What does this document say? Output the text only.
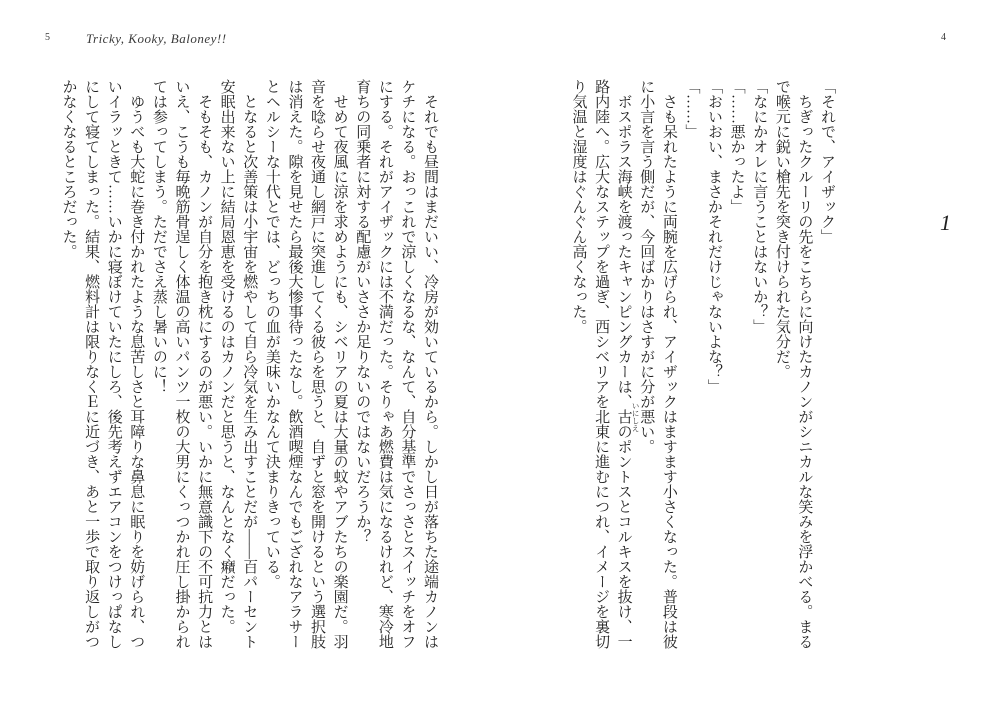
5	Tricky, Kooky, Baloney!!
　それでも昼間はまだいい、冷房が効いているから。しかし日が落ちた途端カノンは
ケチになる。おっこれで涼しくなるな、なんて、自分基準でさっさとスイッチをオフ
にする。それがアイザックには不満だった。そりゃあ燃費は気になるけれど、寒冷地
育ちの同乗者に対する配慮がいささか足りないのではないだろうか？
　せめて夜風に涼を求めようにも、シベリアの夏は大量の蚊やアブたちの楽園だ。羽
音を唸らせ夜通し網戸に突進してくる彼らを思うと、自ずと窓を開けるという選択肢
は消えた。隙を見せたら最後大惨事待ったなし。飲酒喫煙なんでもござれなアラサー
とヘルシーな十代とでは、どっちの血が美味いかなんて決まりきっている。
　となると次善策は小宇宙を燃やして自ら冷気を生み出すことだが――百パーセント
安眠出来ない上に結局恩恵を受けるのはカノンだと思うと、なんとなく癪だった。
　そもそも、カノンが自分を抱き枕にするのが悪い。いかに無意識下の不可抗力とは
いえ、こうも毎晩筋骨逞しく体温の高いパンツ一枚の大男にくっつかれ圧し掛かられ
ては参ってしまう。ただでさえ蒸し暑いのに！
　ゆうべも大蛇に巻き付かれたような息苦しさと耳障りな鼻息に眠りを妨げられ、つ
いイラッときて……いかに寝ぼけていたにしろ、後先考えずエアコンをつけっぱなし
にして寝てしまった。結果、燃料計は限りなくＥに近づき、あと一歩で取り返しがつ
かなくなるところだった。
4
1
「それで、アイザック」
　ちぎったクルーリの先をこちらに向けたカノンがシニカルな笑みを浮かべる。まる
で喉元に鋭い槍先を突き付けられた気分だ。
「なにかオレに言うことはないか？」
「……悪かったよ」
「おいおい、まさかそれだけじゃないよな？」
「……」
　さも呆れたように両腕を広げられ、アイザックはますます小さくなった。普段は彼
に小言を言う側だが、今回ばかりはさすがに分が悪い。
　ボスポラス海峡を渡ったキャンピングカーは、古 いにしえ
のポントスとコルキスを抜け、一
路内陸へ。広大なステップを過ぎ、西シベリアを北東に進むにつれ、イメージを裏切
り気温と湿度はぐんぐん高くなった。
